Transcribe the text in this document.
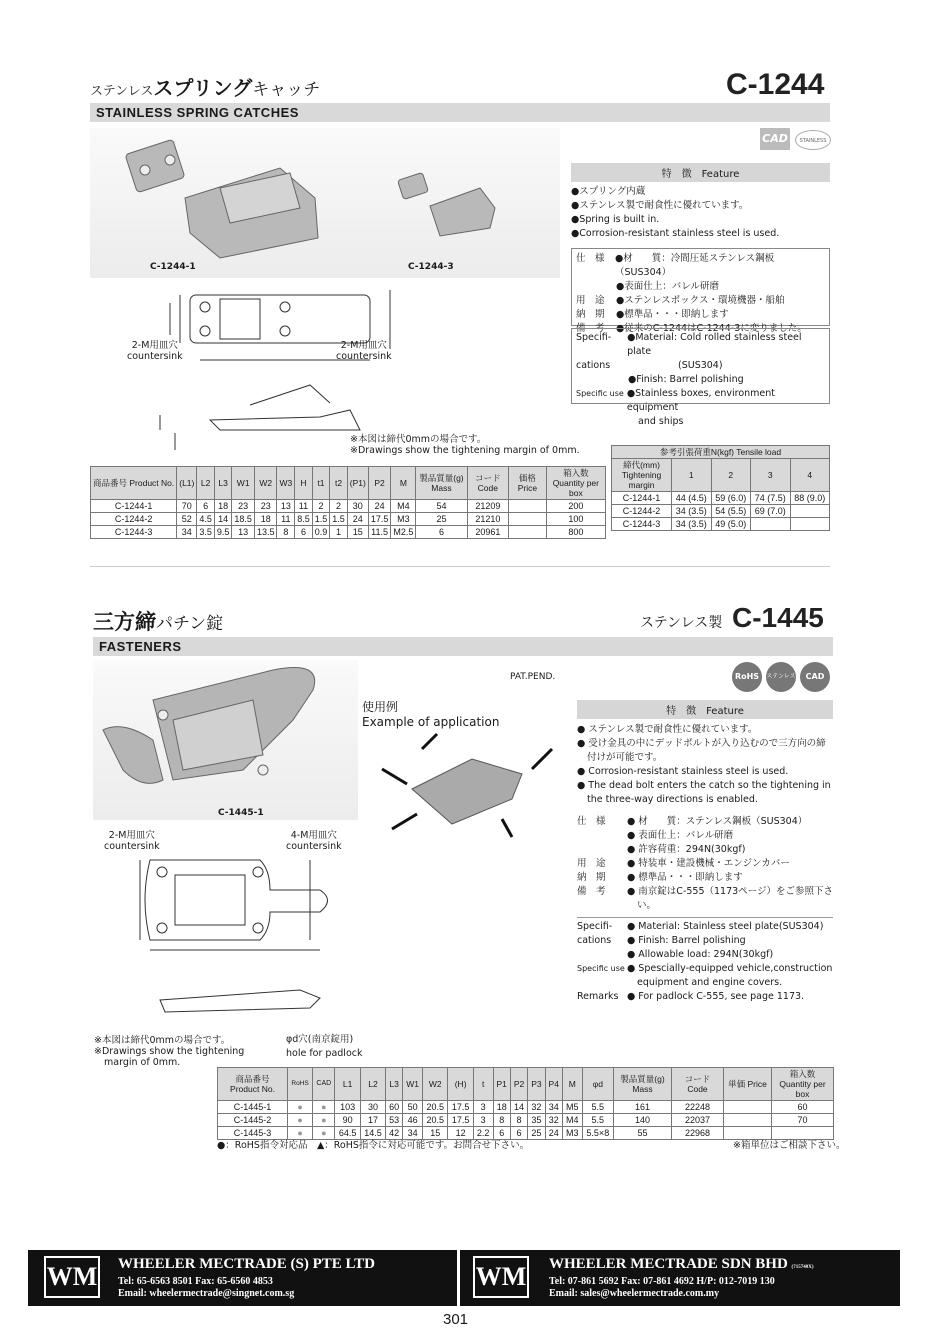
ステンレススプリングキャッチ	C-1244
STAINLESS SPRING CATCHES
CAD	STAINLESS
C-1244-1	C-1244-3
特　徴　Feature
●スプリング内蔵
●ステンレス製で耐食性に優れています。
●Spring is built in.
●Corrosion-resistant stainless steel is used.
仕　様	●材　　質：冷間圧延ステンレス鋼板（SUS304）
●表面仕上：バレル研磨
用　途	●ステンレスボックス・環境機器・船舶
納　期	●標準品・・・即納します
備　考	●従来のC-1244はC-1244-3に変りました。
Specifi-	●Material: Cold rolled stainless steel plate
cations	(SUS304)
●Finish: Barrel polishing
Specific use ●Stainless boxes, environment equipment
and ships
2-M用皿穴
countersink
2-M用皿穴
countersink
※本図は締代0mmの場合です。
※Drawings show the tightening margin of 0mm.
商品番号 Product No.	(L1)	L2	L3	W1	W2	W3	H	t1	t2	(P1)	P2	M	製品質量(g) Mass	コード Code	価格 Price	箱入数 Quantity per box
C-1244-1	70	6	18	23	23	13	11	2	2	30	24	M4	54	21209		200
C-1244-2	52	4.5	14	18.5	18	11	8.5	1.5	1.5	24	17.5	M3	25	21210		100
C-1244-3	34	3.5	9.5	13	13.5	8	6	0.9	1	15	11.5	M2.5	6	20961		800
参考引張荷重N(kgf) Tensile load				
締代(mm) Tightening margin	1	2	3	4
C-1244-1	44 (4.5)	59 (6.0)	74 (7.5)	88 (9.0)
C-1244-2	34 (3.5)	54 (5.5)	69 (7.0)	
C-1244-3	34 (3.5)	49 (5.0)		
三方締パチン錠	ステンレス製 C-1445
FASTENERS
PAT.PEND.	RoHS	ステンレス	CAD
C-1445-1
使用例
Example of application
特　徴　Feature
● ステンレス製で耐食性に優れています。
● 受け金具の中にデッドボルトが入り込むので三方向の締
付けが可能です。
● Corrosion-resistant stainless steel is used.
● The dead bolt enters the catch so the tightening in
the three-way directions is enabled.
仕　様	● 材　　質：ステンレス鋼板（SUS304）
● 表面仕上：バレル研磨
● 許容荷重：294N(30kgf)
用　途	● 特装車・建設機械・エンジンカバー
納　期	● 標準品・・・即納します
備　考	● 南京錠はC-555（1173ページ）をご参照下さ
い。
Specifi-	● Material: Stainless steel plate(SUS304)
cations	● Finish: Barrel polishing
● Allowable load: 294N(30kgf)
Specific use ● Spescially-equipped vehicle,construction
equipment and engine covers.
Remarks ● For padlock C-555, see page 1173.
2-M用皿穴
countersink
4-M用皿穴
countersink
※本図は締代0mmの場合です。
※Drawings show the tightening
margin of 0mm.
φd穴(南京錠用)
hole for padlock
商品番号 Product No.	RoHS	CAD	L1	L2	L3	W1	W2	(H)	t	P1	P2	P3	P4	M	φd	製品質量(g) Mass	コード Code	単価 Price	箱入数 Quantity per box
C-1445-1	●	●	103	30	60	50	20.5	17.5	3	18	14	32	34	M5	5.5	161	22248		60
C-1445-2	●	●	90	17	53	46	20.5	17.5	3	8	8	35	32	M4	5.5	140	22037		70
C-1445-3	●	●	64.5	14.5	42	34	15	12	2.2	6	6	25	24	M3	5.5×8	55	22968		
●：RoHS指令対応品　▲：RoHS指令に対応可能です。お問合せ下さい。	※箱単位はご相談下さい。
WM WHEELER MECTRADE (S) PTE LTD
Tel: 65-6563 8501 Fax: 65-6560 4853
Email: wheelermectrade@singnet.com.sg
WM WHEELER MECTRADE SDN BHD (715740X)
Tel: 07-861 5692 Fax: 07-861 4692 H/P: 012-7019 130
Email: sales@wheelermectrade.com.my
301
